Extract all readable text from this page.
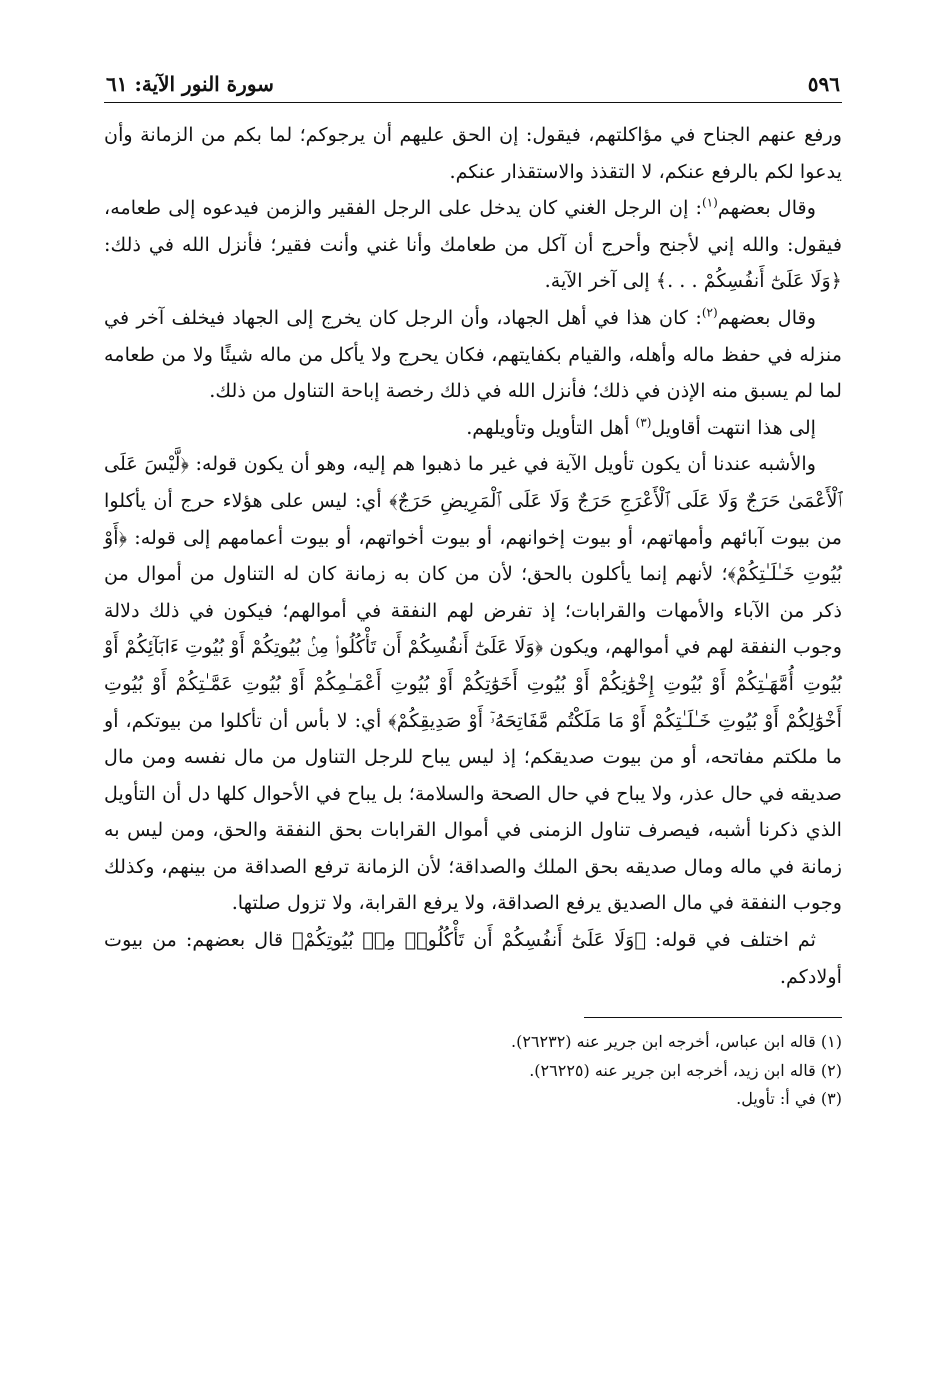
٥٩٦
سورة النور الآية: ٦١

ورفع عنهم الجناح في مؤاكلتهم، فيقول: إن الحق عليهم أن يرجوكم؛ لما بكم من الزمانة وأن يدعوا لكم بالرفع عنكم، لا التقذذ والاستقذار عنكم.

وقال بعضهم$^{(١)}$: إن الرجل الغني كان يدخل على الرجل الفقير والزمن فيدعوه إلى طعامه، فيقول: والله إني لأجنح وأحرج أن آكل من طعامك وأنا غني وأنت فقير؛ فأنزل الله في ذلك: ﴿وَلَا عَلَىٰٓ أَنفُسِكُمْ . . .﴾ إلى آخر الآية.

وقال بعضهم$^{(٢)}$: كان هذا في أهل الجهاد، وأن الرجل كان يخرج إلى الجهاد فيخلف آخر في منزله في حفظ ماله وأهله، والقيام بكفايتهم، فكان يحرج ولا يأكل من ماله شيئًا ولا من طعامه لما لم يسبق منه الإذن في ذلك؛ فأنزل الله في ذلك رخصة إباحة التناول من ذلك.

إلى هذا انتهت أقاويل$^{(٣)}$ أهل التأويل وتأويلهم.

والأشبه عندنا أن يكون تأويل الآية في غير ما ذهبوا هم إليه، وهو أن يكون قوله: ﴿لَّيْسَ عَلَى ٱلْأَعْمَىٰ حَرَجٌ وَلَا عَلَى ٱلْأَعْرَجِ حَرَجٌ وَلَا عَلَى ٱلْمَرِيضِ حَرَجٌ﴾ أي: ليس على هؤلاء حرج أن يأكلوا من بيوت آبائهم وأمهاتهم، أو بيوت إخوانهم، أو بيوت أخواتهم، أو بيوت أعمامهم إلى قوله: ﴿أَوْ بُيُوتِ خَـٰلَـٰتِكُمْ﴾؛ لأنهم إنما يأكلون بالحق؛ لأن من كان به زمانة كان له التناول من أموال من ذكر من الآباء والأمهات والقرابات؛ إذ تفرض لهم النفقة في أموالهم؛ فيكون في ذلك دلالة وجوب النفقة لهم في أموالهم، ويكون ﴿وَلَا عَلَىٰٓ أَنفُسِكُمْ أَن تَأْكُلُوا۟ مِنۢ بُيُوتِكُمْ أَوْ بُيُوتِ ءَابَآئِكُمْ أَوْ بُيُوتِ أُمَّهَـٰتِكُمْ أَوْ بُيُوتِ إِخْوَٰنِكُمْ أَوْ بُيُوتِ أَخَوَٰتِكُمْ أَوْ بُيُوتِ أَعْمَـٰمِكُمْ أَوْ بُيُوتِ عَمَّـٰتِكُمْ أَوْ بُيُوتِ أَخْوَٰلِكُمْ أَوْ بُيُوتِ خَـٰلَـٰتِكُمْ أَوْ مَا مَلَكْتُم مَّفَاتِحَهُۥٓ أَوْ صَدِيقِكُمْ﴾ أي: لا بأس أن تأكلوا من بيوتكم، أو ما ملكتم مفاتحه، أو من بيوت صديقكم؛ إذ ليس يباح للرجل التناول من مال نفسه ومن مال صديقه في حال عذر، ولا يباح في حال الصحة والسلامة؛ بل يباح في الأحوال كلها دل أن التأويل الذي ذكرنا أشبه، فيصرف تناول الزمنى في أموال القرابات بحق النفقة والحق، ومن ليس به زمانة في ماله ومال صديقه بحق الملك والصداقة؛ لأن الزمانة ترفع الصداقة من بينهم، وكذلك وجوب النفقة في مال الصديق يرفع الصداقة، ولا يرفع القرابة، ولا تزول صلتها.

ثم اختلف في قوله: ﴿وَلَا عَلَىٰٓ أَنفُسِكُمْ أَن تَأْكُلُوا۟ مِنۢ بُيُوتِكُمْ﴾ قال بعضهم: من بيوت أولادكم.

(١) قاله ابن عباس، أخرجه ابن جرير عنه (٢٦٢٣٢).

(٢) قاله ابن زيد، أخرجه ابن جرير عنه (٢٦٢٢٥).

(٣) في أ: تأويل.
